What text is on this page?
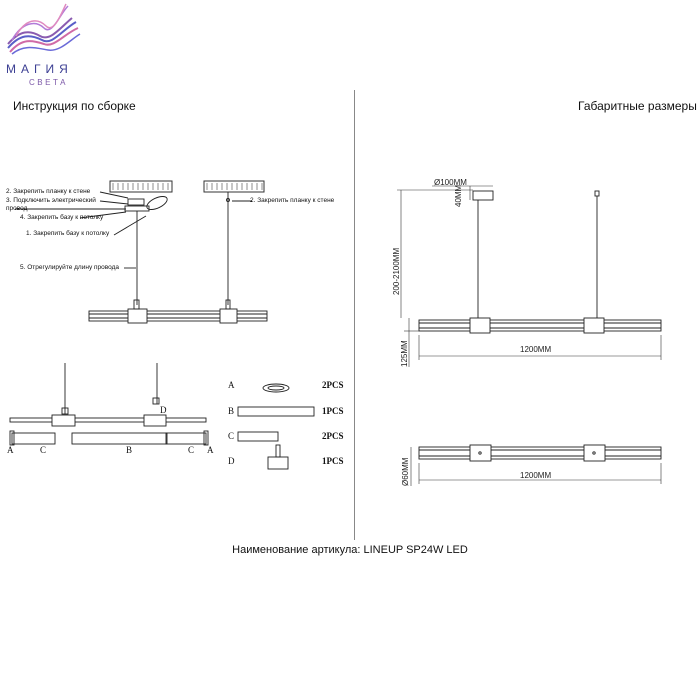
МАГИЯ
СВЕТА
Инструкция по сборке	Габаритные размеры
2. Закрепить планку к стене
3. Подключить электрический провод
4. Закрепить базу к потолку
1. Закрепить базу к потолку
5. Отрегулируйте длину провода
2. Закрепить планку к стене
A	C	B	C A
D
A	2PCS
B	1PCS
C	2PCS
D	1PCS
Ø100MM
40MM
200-2100MM
125MM	1200MM
1200MM
Ø60MM
Наименование артикула: LINEUP SP24W LED
